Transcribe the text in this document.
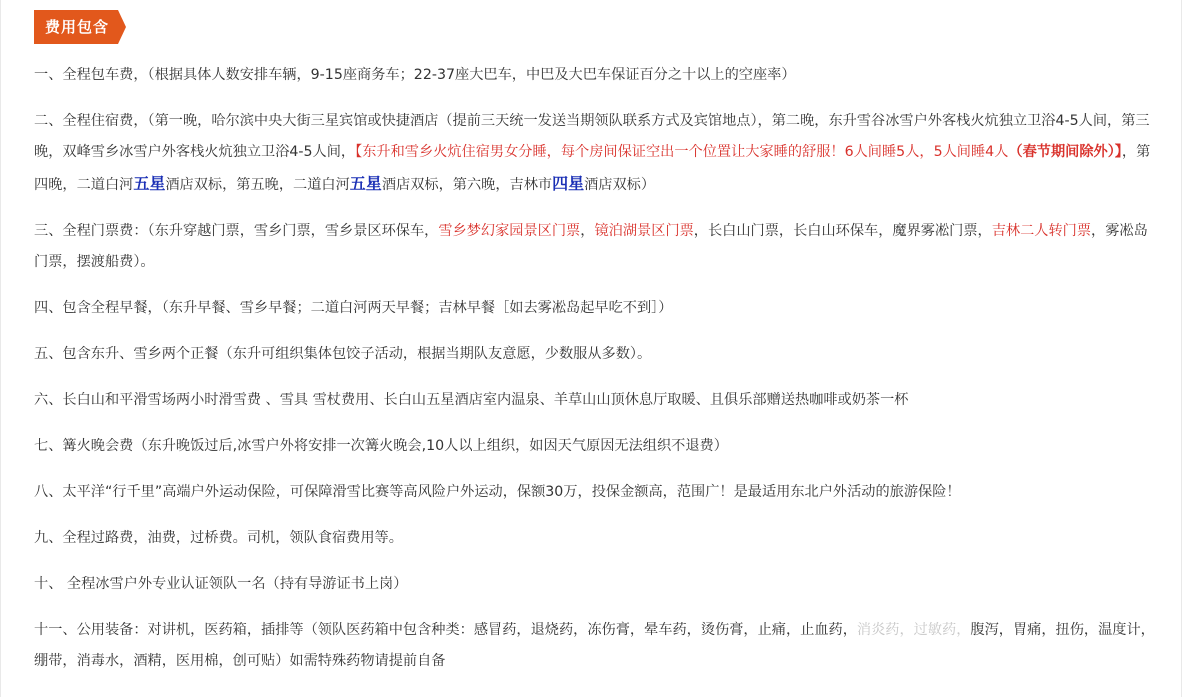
费用包含

一、全程包车费，（根据具体人数安排车辆，9-15座商务车；22-37座大巴车，中巴及大巴车保证百分之十以上的空座率）

二、全程住宿费，（第一晚，哈尔滨中央大街三星宾馆或快捷酒店（提前三天统一发送当期领队联系方式及宾馆地点），第二晚，东升雪谷冰雪户外客栈火炕独立卫浴4-5人间，第三晚，双峰雪乡冰雪户外客栈火炕独立卫浴4-5人间，【东升和雪乡火炕住宿男女分睡，每个房间保证空出一个位置让大家睡的舒服！6人间睡5人，5人间睡4人（春节期间除外）】，第四晚，二道白河五星酒店双标，第五晚，二道白河五星酒店双标，第六晚，吉林市四星酒店双标）

三、全程门票费：（东升穿越门票，雪乡门票，雪乡景区环保车，雪乡梦幻家园景区门票，镜泊湖景区门票，长白山门票，长白山环保车，魔界雾凇门票，吉林二人转门票，雾凇岛门票，摆渡船费）。

四、包含全程早餐，（东升早餐、雪乡早餐；二道白河两天早餐；吉林早餐［如去雾凇岛起早吃不到］）

五、包含东升、雪乡两个正餐（东升可组织集体包饺子活动，根据当期队友意愿，少数服从多数）。

六、长白山和平滑雪场两小时滑雪费 、雪具 雪杖费用、长白山五星酒店室内温泉、羊草山山顶休息厅取暖、且俱乐部赠送热咖啡或奶茶一杯

七、篝火晚会费（东升晚饭过后,冰雪户外将安排一次篝火晚会,10人以上组织，如因天气原因无法组织不退费）

八、太平洋“行千里”高端户外运动保险，可保障滑雪比赛等高风险户外运动，保额30万，投保金额高，范围广！是最适用东北户外活动的旅游保险！

九、全程过路费，油费，过桥费。司机，领队食宿费用等。

十、 全程冰雪户外专业认证领队一名（持有导游证书上岗）

十一、公用装备：对讲机，医药箱，插排等（领队医药箱中包含种类：感冒药，退烧药，冻伤膏，晕车药，烫伤膏，止痛，止血药，消炎药，过敏药，腹泻，胃痛，扭伤，温度计，绷带，消毒水，酒精，医用棉，创可贴）如需特殊药物请提前自备
